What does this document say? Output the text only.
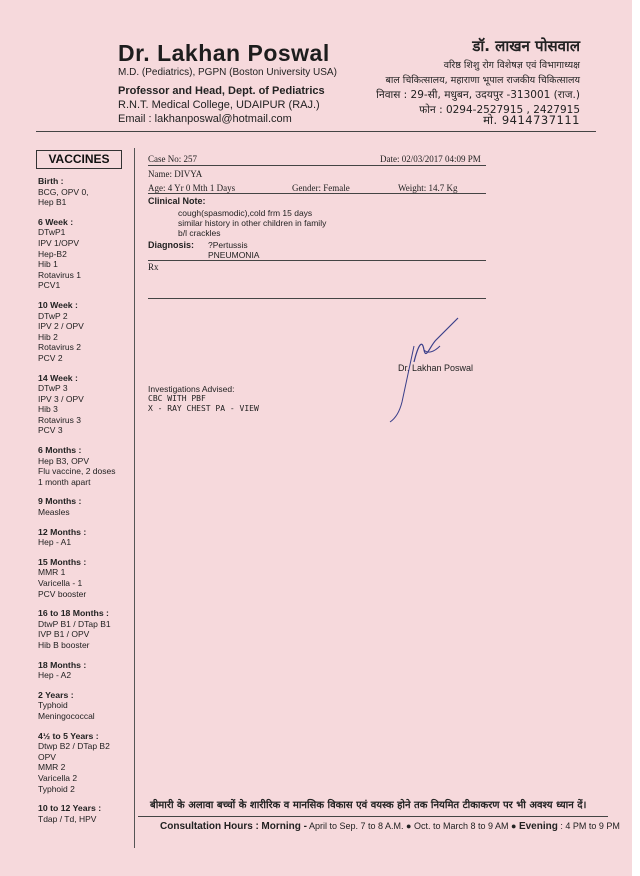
Dr. Lakhan Poswal
M.D. (Pediatrics), PGPN (Boston University USA)
Professor and Head, Dept. of Pediatrics
R.N.T. Medical College, UDAIPUR (RAJ.)
Email : lakhanposwal@hotmail.com
डॉ. लाखन पोसवाल
वरिष्ठ शिशु रोग विशेषज्ञ एवं विभागाध्यक्ष
बाल चिकित्सालय, महाराणा भूपाल राजकीय चिकित्सालय
निवास : 29-सी, मधुबन, उदयपुर -313001 (राज.)
फोन : 0294-2527915 , 2427915
मो. 9414737111
VACCINES
Birth :
BCG, OPV 0,
Hep B1
6 Week :
DTwP1
IPV 1/OPV
Hep-B2
Hib 1
Rotavirus 1
PCV1
10 Week :
DTwP 2
IPV 2 / OPV
Hib 2
Rotavirus 2
PCV 2
14 Week :
DTwP 3
IPV 3 / OPV
Hib 3
Rotavirus 3
PCV 3
6 Months :
Hep B3, OPV
Flu vaccine, 2 doses
1 month apart
9 Months :
Measles
12 Months :
Hep - A1
15 Months :
MMR 1
Varicella - 1
PCV booster
16 to 18 Months :
DtwP B1 / DTap B1
IVP B1 / OPV
Hib B booster
18 Months :
Hep - A2
2 Years :
Typhoid
Meningococcal
4½ to 5 Years :
Dtwp B2 / DTap B2
OPV
MMR 2
Varicella 2
Typhoid 2
10 to 12 Years :
Tdap / Td, HPV
Case No: 257	Date: 02/03/2017 04:09 PM
Name: DIVYA
Age: 4 Yr 0 Mth 1 Days	Gender: Female	Weight: 14.7 Kg
Clinical Note:
cough(spasmodic),cold frm 15 days
similar history in other children in family
b/l crackles
Diagnosis: ?Pertussis
PNEUMONIA
Rx
Dr. Lakhan Poswal
Investigations Advised:
CBC WITH PBF
X - RAY CHEST PA - VIEW
बीमारी के अलावा बच्चों के शारीरिक व मानसिक विकास एवं वयस्क होने तक नियमित टीकाकरण पर भी अवश्य ध्यान दें।
Consultation Hours : Morning - April to Sep. 7 to 8 A.M. ● Oct. to March 8 to 9 AM ● Evening : 4 PM to 9 PM
